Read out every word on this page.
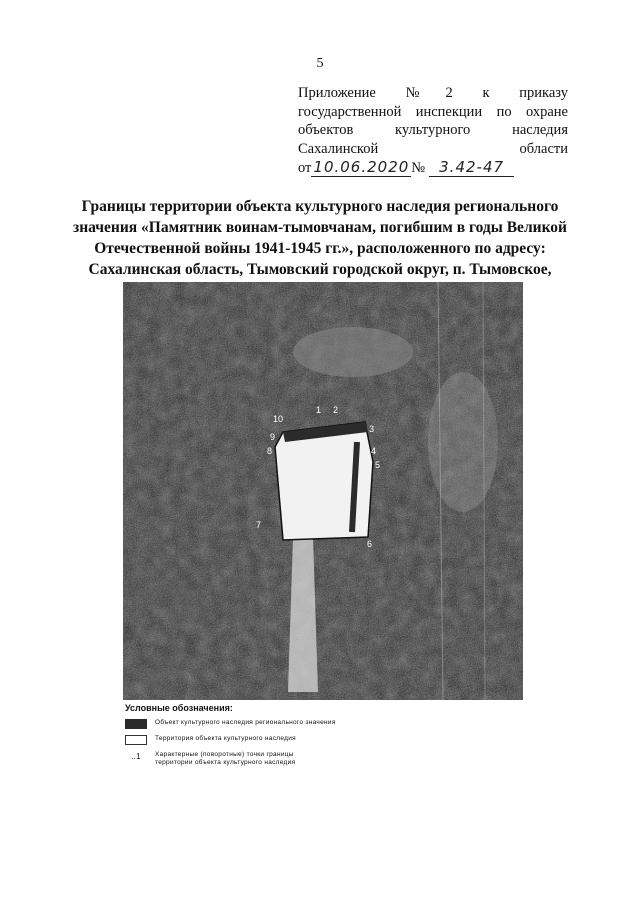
5
Приложение №2 к приказу
государственной инспекции по охране
объектов культурного наследия
Сахалинской области
от 10.06.2020 № 3.42-47
Границы территории объекта культурного наследия регионального
значения «Памятник воинам-тымовчанам, погибшим в годы Великой
Отечественной войны 1941-1945 гг.», расположенного по адресу:
Сахалинская область, Тымовский городской округ, п. Тымовское,
1 2
3
4
5
6
7
8
9
10
Условные обозначения:
Объект культурного наследия регионального значения
Территория объекта культурного наследия
..1	Характерные (поворотные) точки границы
территории объекта культурного наследия
